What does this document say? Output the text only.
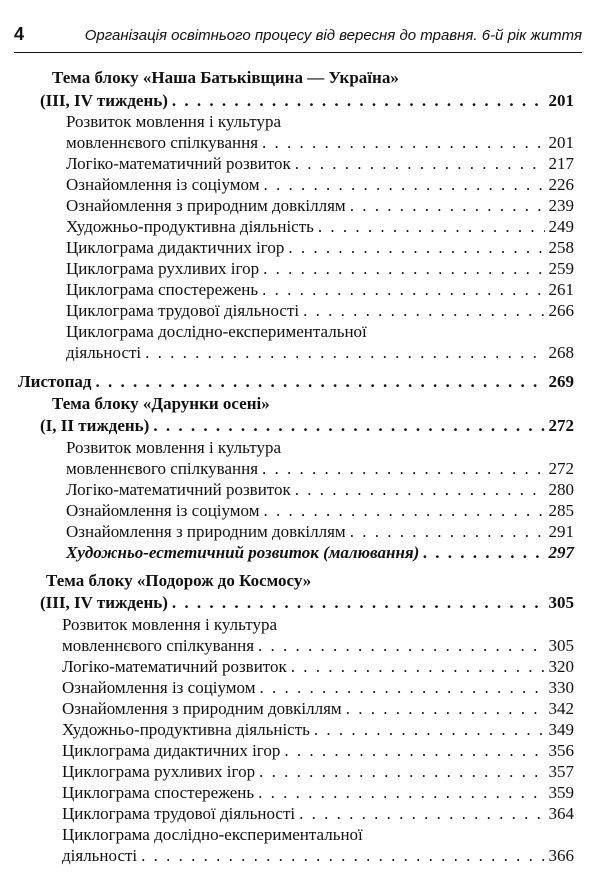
4	Організація освітнього процесу від вересня до травня. 6-й рік життя
Тема блоку «Наша Батьківщина — Україна»
(III, IV тиждень) . . .	201
Розвиток мовлення і культура
мовленнєвого спілкування . . .	201
Логіко-математичний розвиток . . .	217
Ознайомлення із соціумом . . .	226
Ознайомлення з природним довкіллям . . .	239
Художньо-продуктивна діяльність . . .	249
Циклограма дидактичних ігор . . .	258
Циклограма рухливих ігор . . .	259
Циклограма спостережень . . .	261
Циклограма трудової діяльності . . .	266
Циклограма дослідно-експериментальної
діяльності . . .	268
Листопад . . .	269
Тема блоку «Дарунки осені»
(I, II тиждень) . . .	272
Розвиток мовлення і культура
мовленнєвого спілкування . . .	272
Логіко-математичний розвиток . . .	280
Ознайомлення із соціумом . . .	285
Ознайомлення з природним довкіллям . . .	291
Художньо-естетичний розвиток (малювання) . . .	297
Тема блоку «Подорож до Космосу»
(III, IV тиждень) . . .	305
Розвиток мовлення і культура
мовленнєвого спілкування . . .	305
Логіко-математичний розвиток . . .	320
Ознайомлення із соціумом . . .	330
Ознайомлення з природним довкіллям . . .	342
Художньо-продуктивна діяльність . . .	349
Циклограма дидактичних ігор . . .	356
Циклограма рухливих ігор . . .	357
Циклограма спостережень . . .	359
Циклограма трудової діяльності . . .	364
Циклограма дослідно-експериментальної
діяльності . . .	366
